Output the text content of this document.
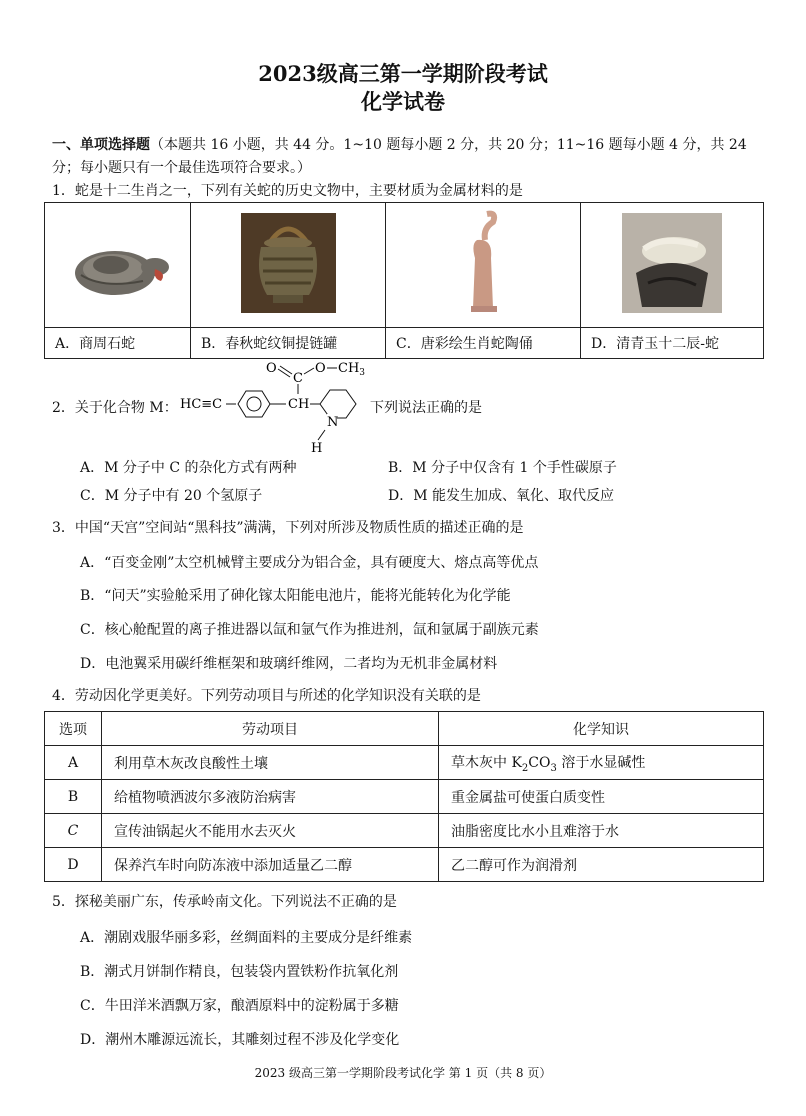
2023级高三第一学期阶段考试
化学试卷
一、单项选择题（本题共 16 小题，共 44 分。1~10 题每小题 2 分，共 20 分；11~16 题每小题 4 分，共 24
分；每小题只有一个最佳选项符合要求。）
1．蛇是十二生肖之一，下列有关蛇的历史文物中，主要材质为金属材料的是

A．商周石蛇	B．春秋蛇纹铜提链罐	C．唐彩绘生肖蛇陶俑	D．清青玉十二辰-蛇
2．关于化合物 M： HC≡C	CH
C
O	O $CH_3$
N
H
下列说法正确的是
A．M 分子中 C 的杂化方式有两种	B．M 分子中仅含有 1 个手性碳原子
C．M 分子中有 20 个氢原子	D．M 能发生加成、氧化、取代反应
3．中国“天宫”空间站“黑科技”满满，下列对所涉及物质性质的描述正确的是
A．“百变金刚”太空机械臂主要成分为铝合金，具有硬度大、熔点高等优点
B．“问天”实验舱采用了砷化镓太阳能电池片，能将光能转化为化学能
C．核心舱配置的离子推进器以氙和氩气作为推进剂，氙和氩属于副族元素
D．电池翼采用碳纤维框架和玻璃纤维网，二者均为无机非金属材料
4．劳动因化学更美好。下列劳动项目与所述的化学知识没有关联的是
选项	劳动项目	化学知识
A	利用草木灰改良酸性土壤	草木灰中 $K_2CO_3$ 溶于水显碱性
B	给植物喷洒波尔多液防治病害	重金属盐可使蛋白质变性
C	宣传油锅起火不能用水去灭火	油脂密度比水小且难溶于水
D	保养汽车时向防冻液中添加适量乙二醇	乙二醇可作为润滑剂
5．探秘美丽广东，传承岭南文化。下列说法不正确的是
A．潮剧戏服华丽多彩，丝绸面料的主要成分是纤维素
B．潮式月饼制作精良，包装袋内置铁粉作抗氧化剂
C．牛田洋米酒飘万家，酿酒原料中的淀粉属于多糖
D．潮州木雕源远流长，其雕刻过程不涉及化学变化
2023 级高三第一学期阶段考试化学 第 1 页（共 8 页）
